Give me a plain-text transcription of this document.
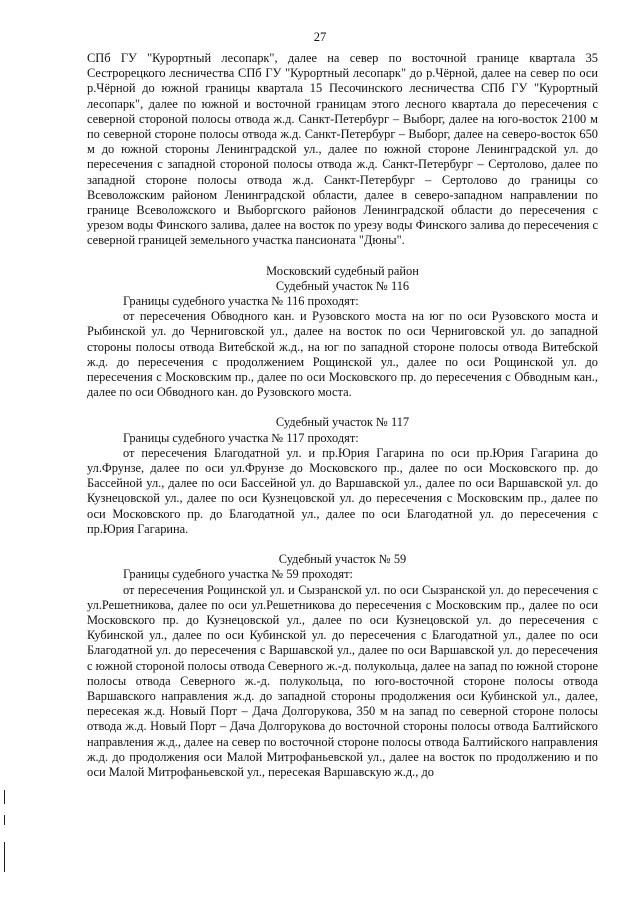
27

СПб ГУ "Курортный лесопарк", далее на север по восточной границе квартала 35 Сестрорецкого лесничества СПб ГУ "Курортный лесопарк" до р.Чёрной, далее на север по оси р.Чёрной до южной границы квартала 15 Песочинского лесничества СПб ГУ "Курортный лесопарк", далее по южной и восточной границам этого лесного квартала до пересечения с северной стороной полосы отвода ж.д. Санкт-Петербург – Выборг, далее на юго-восток 2100 м по северной стороне полосы отвода ж.д. Санкт-Петербург – Выборг, далее на северо-восток 650 м до южной стороны Ленинградской ул., далее по южной стороне Ленинградской ул. до пересечения с западной стороной полосы отвода ж.д. Санкт-Петербург – Сертолово, далее по западной стороне полосы отвода ж.д. Санкт-Петербург – Сертолово до границы со Всеволожским районом Ленинградской области, далее в северо-западном направлении по границе Всеволожского и Выборгского районов Ленинградской области до пересечения с урезом воды Финского залива, далее на восток по урезу воды Финского залива до пересечения с северной границей земельного участка пансионата "Дюны".

Московский судебный район

Судебный участок № 116

Границы судебного участка № 116 проходят:

от пересечения Обводного кан. и Рузовского моста на юг по оси Рузовского моста и Рыбинской ул. до Черниговской ул., далее на восток по оси Черниговской ул. до западной стороны полосы отвода Витебской ж.д., на юг по западной стороне полосы отвода Витебской ж.д. до пересечения с продолжением Рощинской ул., далее по оси Рощинской ул. до пересечения с Московским пр., далее по оси Московского пр. до пересечения с Обводным кан., далее по оси Обводного кан. до Рузовского моста.

Судебный участок № 117

Границы судебного участка № 117 проходят:

от пересечения Благодатной ул. и пр.Юрия Гагарина по оси пр.Юрия Гагарина до ул.Фрунзе, далее по оси ул.Фрунзе до Московского пр., далее по оси Московского пр. до Бассейной ул., далее по оси Бассейной ул. до Варшавской ул., далее по оси Варшавской ул. до Кузнецовской ул., далее по оси Кузнецовской ул. до пересечения с Московским пр., далее по оси Московского пр. до Благодатной ул., далее по оси Благодатной ул. до пересечения с пр.Юрия Гагарина.

Судебный участок № 59

Границы судебного участка № 59 проходят:

от пересечения Рощинской ул. и Сызранской ул. по оси Сызранской ул. до пересечения с ул.Решетникова, далее по оси ул.Решетникова до пересечения с Московским пр., далее по оси Московского пр. до Кузнецовской ул., далее по оси Кузнецовской ул. до пересечения с Кубинской ул., далее по оси Кубинской ул. до пересечения с Благодатной ул., далее по оси Благодатной ул. до пересечения с Варшавской ул., далее по оси Варшавской ул. до пересечения с южной стороной полосы отвода Северного ж.-д. полукольца, далее на запад по южной стороне полосы отвода Северного ж.-д. полукольца, по юго-восточной стороне полосы отвода Варшавского направления ж.д. до западной стороны продолжения оси Кубинской ул., далее, пересекая ж.д. Новый Порт – Дача Долгорукова, 350 м на запад по северной стороне полосы отвода ж.д. Новый Порт – Дача Долгорукова до восточной стороны полосы отвода Балтийского направления ж.д., далее на север по восточной стороне полосы отвода Балтийского направления ж.д. до продолжения оси Малой Митрофаньевской ул., далее на восток по продолжению и по оси Малой Митрофаньевской ул., пересекая Варшавскую ж.д., до
